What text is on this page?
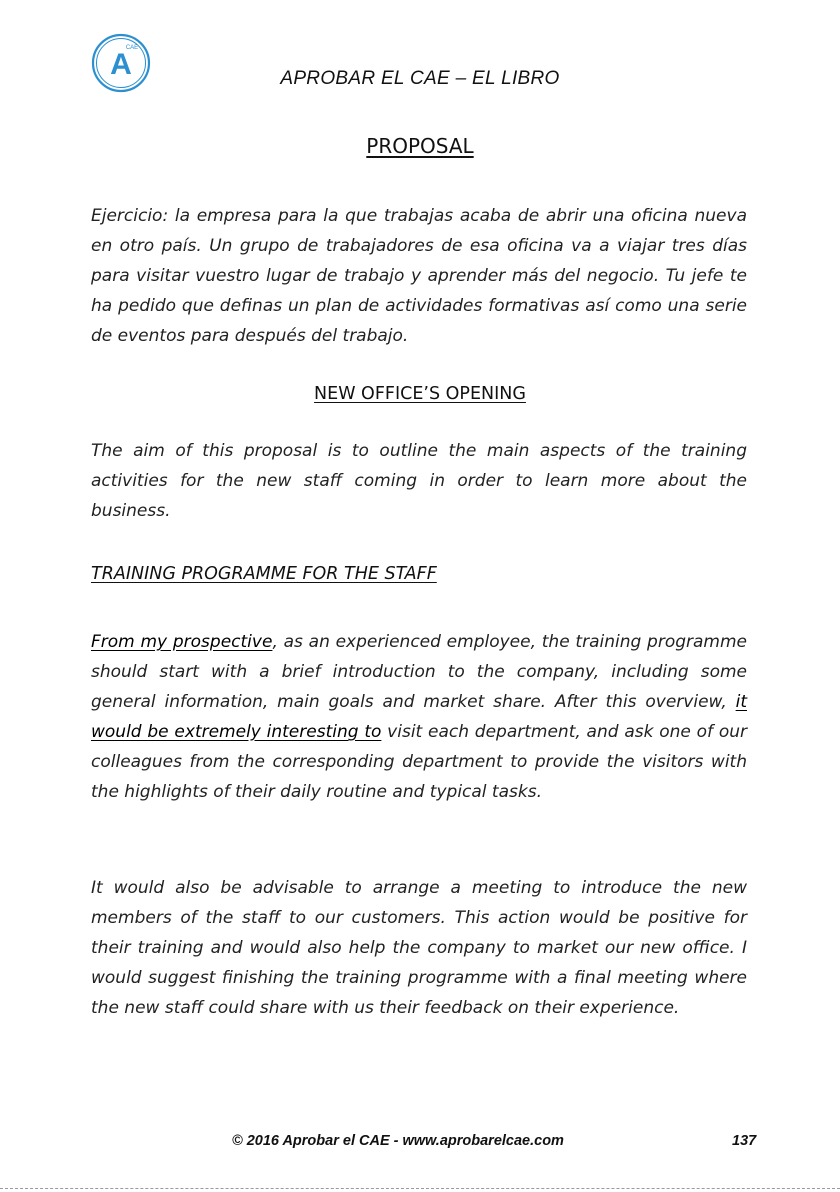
A
CAE
APROBAR EL CAE – EL LIBRO
PROPOSAL
Ejercicio: la empresa para la que trabajas acaba de abrir una oficina nueva en otro país. Un grupo de trabajadores de esa oficina va a viajar tres días para visitar vuestro lugar de trabajo y aprender más del negocio. Tu jefe te ha pedido que definas un plan de actividades formativas así como una serie de eventos para después del trabajo.
NEW OFFICE’S OPENING
The aim of this proposal is to outline the main aspects of the training activities for the new staff coming in order to learn more about the business.
TRAINING PROGRAMME FOR THE STAFF
From my prospective, as an experienced employee, the training programme should start with a brief introduction to the company, including some general information, main goals and market share. After this overview, it would be extremely interesting to visit each department, and ask one of our colleagues from the corresponding department to provide the visitors with the highlights of their daily routine and typical tasks.
It would also be advisable to arrange a meeting to introduce the new members of the staff to our customers. This action would be positive for their training and would also help the company to market our new office. I would suggest finishing the training programme with a final meeting where the new staff could share with us their feedback on their experience.
© 2016 Aprobar el CAE - www.aprobarelcae.com	137
